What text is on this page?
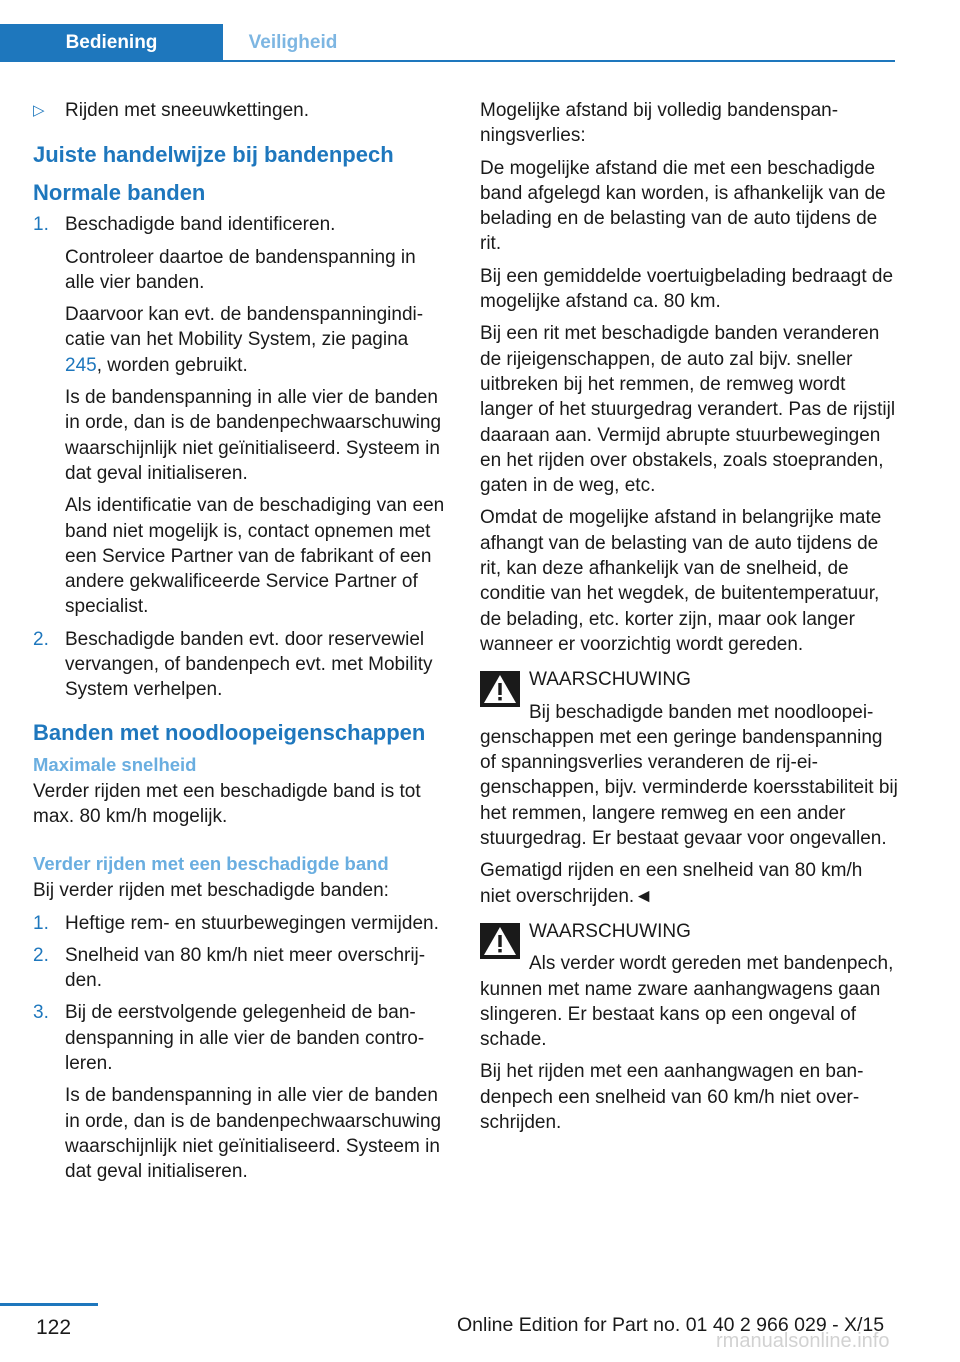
Bediening	Veiligheid
▷ Rijden met sneeuwkettingen.

Juiste handelwijze bij bandenpech
Normale banden
1. Beschadigde band identificeren.

Controleer daartoe de bandenspanning in alle vier banden.

Daarvoor kan evt. de bandenspanningindicatie van het Mobility System, zie pagina 245, worden gebruikt.

Is de bandenspanning in alle vier de banden in orde, dan is de bandenpechwaarschuwing waarschijnlijk niet geïnitialiseerd. Systeem in dat geval initialiseren.

Als identificatie van de beschadiging van een band niet mogelijk is, contact opnemen met een Service Partner van de fabrikant of een andere gekwalificeerde Service Partner of specialist.

2. Beschadigde banden evt. door reservewiel vervangen, of bandenpech evt. met Mobility System verhelpen.

Banden met noodloopeigenschappen
Maximale snelheid

Verder rijden met een beschadigde band is tot max. 80 km/h mogelijk.

Verder rijden met een beschadigde band

Bij verder rijden met beschadigde banden:

1. Heftige rem- en stuurbewegingen vermijden.

2. Snelheid van 80 km/h niet meer overschrijden.

3. Bij de eerstvolgende gelegenheid de bandenspanning in alle vier de banden controleren.

Is de bandenspanning in alle vier de banden in orde, dan is de bandenpechwaarschuwing waarschijnlijk niet geïnitialiseerd. Systeem in dat geval initialiseren.

Mogelijke afstand bij volledig bandenspanningsverlies:

De mogelijke afstand die met een beschadigde band afgelegd kan worden, is afhankelijk van de belading en de belasting van de auto tijdens de rit.

Bij een gemiddelde voertuigbelading bedraagt de mogelijke afstand ca. 80 km.

Bij een rit met beschadigde banden veranderen de rijeigenschappen, de auto zal bijv. sneller uitbreken bij het remmen, de remweg wordt langer of het stuurgedrag verandert. Pas de rijstijl daaraan aan. Vermijd abrupte stuurbewegingen en het rijden over obstakels, zoals stoepranden, gaten in de weg, etc.

Omdat de mogelijke afstand in belangrijke mate afhangt van de belasting van de auto tijdens de rit, kan deze afhankelijk van de snelheid, de conditie van het wegdek, de buitentemperatuur, de belading, etc. korter zijn, maar ook langer wanneer er voorzichtig wordt gereden.

WAARSCHUWING

Bij beschadigde banden met noodloopeigenschappen met een geringe bandenspanning of spanningsverlies veranderen de rij-eigenschappen, bijv. verminderde koersstabiliteit bij het remmen, langere remweg en een ander stuurgedrag. Er bestaat gevaar voor ongevallen.

Gematigd rijden en een snelheid van 80 km/h niet overschrijden.◄

WAARSCHUWING

Als verder wordt gereden met bandenpech, kunnen met name zware aanhangwagens gaan slingeren. Er bestaat kans op een ongeval of schade.

Bij het rijden met een aanhangwagen en bandenpech een snelheid van 60 km/h niet overschrijden.

122
rmanualsonline.info
Online Edition for Part no. 01 40 2 966 029 - X/15
